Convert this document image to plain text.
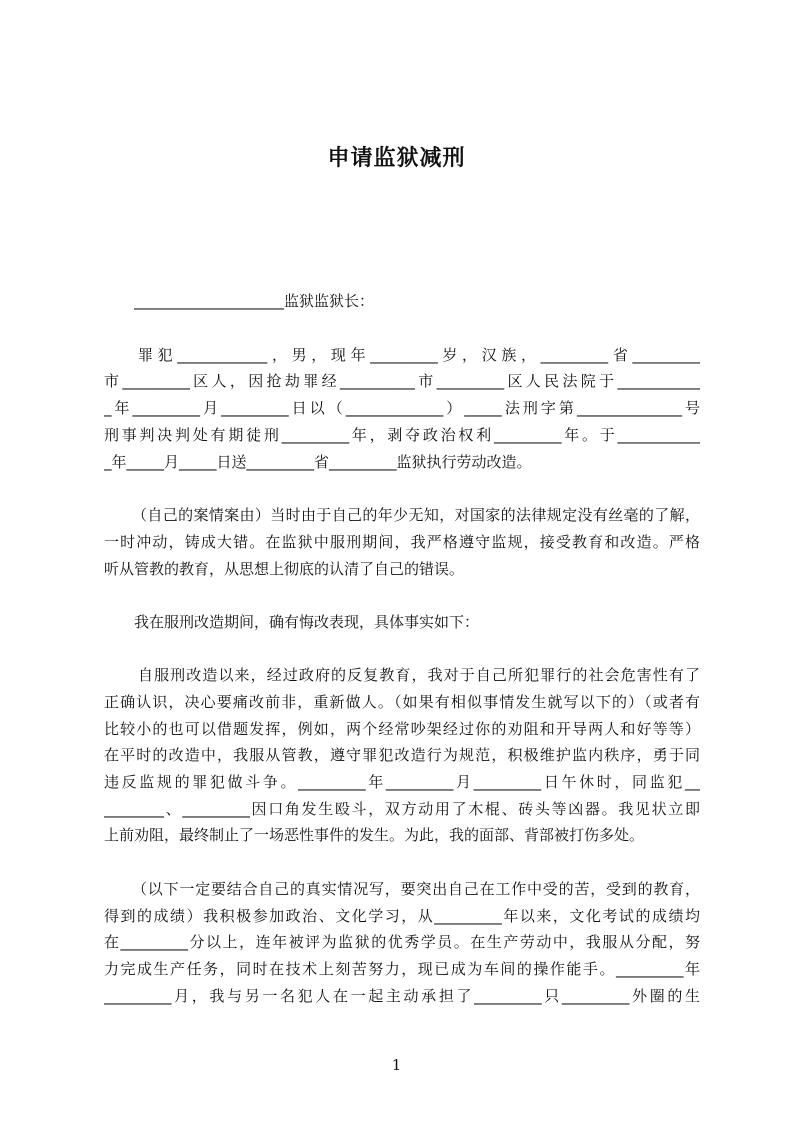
申请监狱减刑
____________________监狱监狱长：
罪犯____________，男，现年_________岁，汉族，_________省_________
市_________区人，因抢劫罪经__________市_________区人民法院于___________
_年_________月_________日以（_____________）_____法刑字第______________号
刑事判决判处有期徒刑_________年，剥夺政治权利_________年。于___________
_年_____月_____日送_________省_________监狱执行劳动改造。
（自己的案情案由）当时由于自己的年少无知，对国家的法律规定没有丝毫的了解，
一时冲动，铸成大错。在监狱中服刑期间，我严格遵守监规，接受教育和改造。严格
听从管教的教育，从思想上彻底的认清了自己的错误。
我在服刑改造期间，确有悔改表现，具体事实如下：
自服刑改造以来，经过政府的反复教育，我对于自己所犯罪行的社会危害性有了
正确认识，决心要痛改前非，重新做人。（如果有相似事情发生就写以下的）（或者有
比较小的也可以借题发挥，例如，两个经常吵架经过你的劝阻和开导两人和好等等）
在平时的改造中，我服从管教，遵守罪犯改造行为规范，积极维护监内秩序，勇于同
违反监规的罪犯做斗争。_________年_________月_________日午休时，同监犯__
________、_________因口角发生殴斗，双方动用了木棍、砖头等凶器。我见状立即
上前劝阻，最终制止了一场恶性事件的发生。为此，我的面部、背部被打伤多处。
（以下一定要结合自己的真实情况写，要突出自己在工作中受的苦，受到的教育，
得到的成绩）我积极参加政治、文化学习，从_________年以来，文化考试的成绩均
在_________分以上，连年被评为监狱的优秀学员。在生产劳动中，我服从分配，努
力完成生产任务，同时在技术上刻苦努力，现已成为车间的操作能手。_________年
_________月，我与另一名犯人在一起主动承担了_________只_________外圈的生
1
